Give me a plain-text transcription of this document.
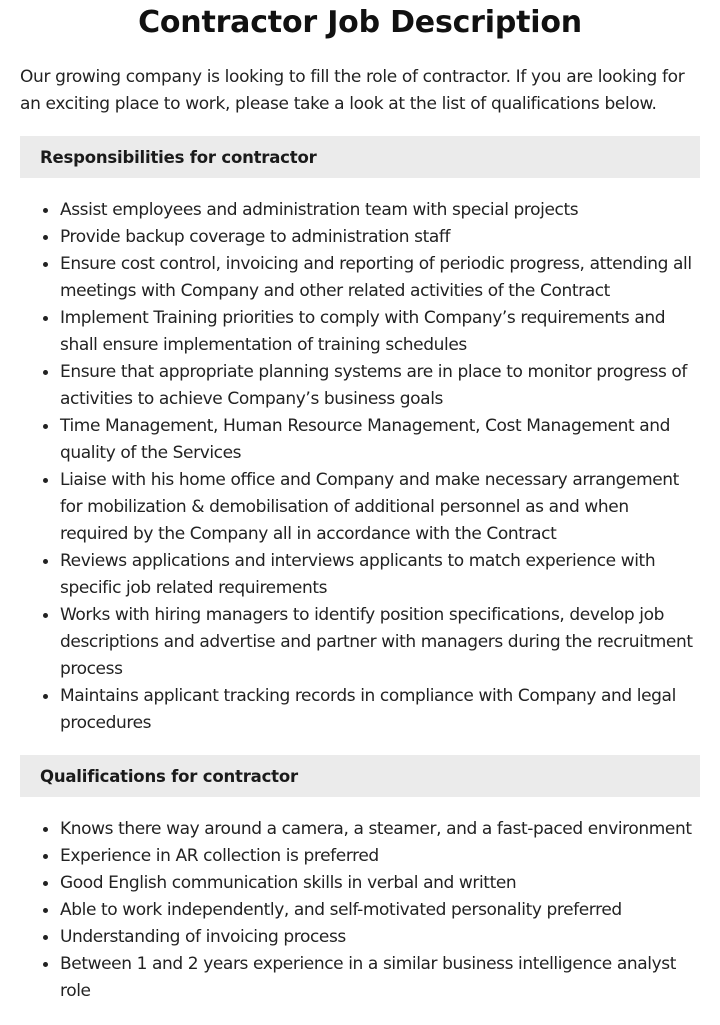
Contractor Job Description

Our growing company is looking to fill the role of contractor. If you are looking for an exciting place to work, please take a look at the list of qualifications below.

Responsibilities for contractor
Assist employees and administration team with special projects
Provide backup coverage to administration staff
Ensure cost control, invoicing and reporting of periodic progress, attending all meetings with Company and other related activities of the Contract
Implement Training priorities to comply with Company’s requirements and shall ensure implementation of training schedules
Ensure that appropriate planning systems are in place to monitor progress of activities to achieve Company’s business goals
Time Management, Human Resource Management, Cost Management and quality of the Services
Liaise with his home office and Company and make necessary arrangement for mobilization & demobilisation of additional personnel as and when required by the Company all in accordance with the Contract
Reviews applications and interviews applicants to match experience with specific job related requirements
Works with hiring managers to identify position specifications, develop job descriptions and advertise and partner with managers during the recruitment process
Maintains applicant tracking records in compliance with Company and legal procedures
Qualifications for contractor
Knows there way around a camera, a steamer, and a fast-paced environment
Experience in AR collection is preferred
Good English communication skills in verbal and written
Able to work independently, and self-motivated personality preferred
Understanding of invoicing process
Between 1 and 2 years experience in a similar business intelligence analyst role
